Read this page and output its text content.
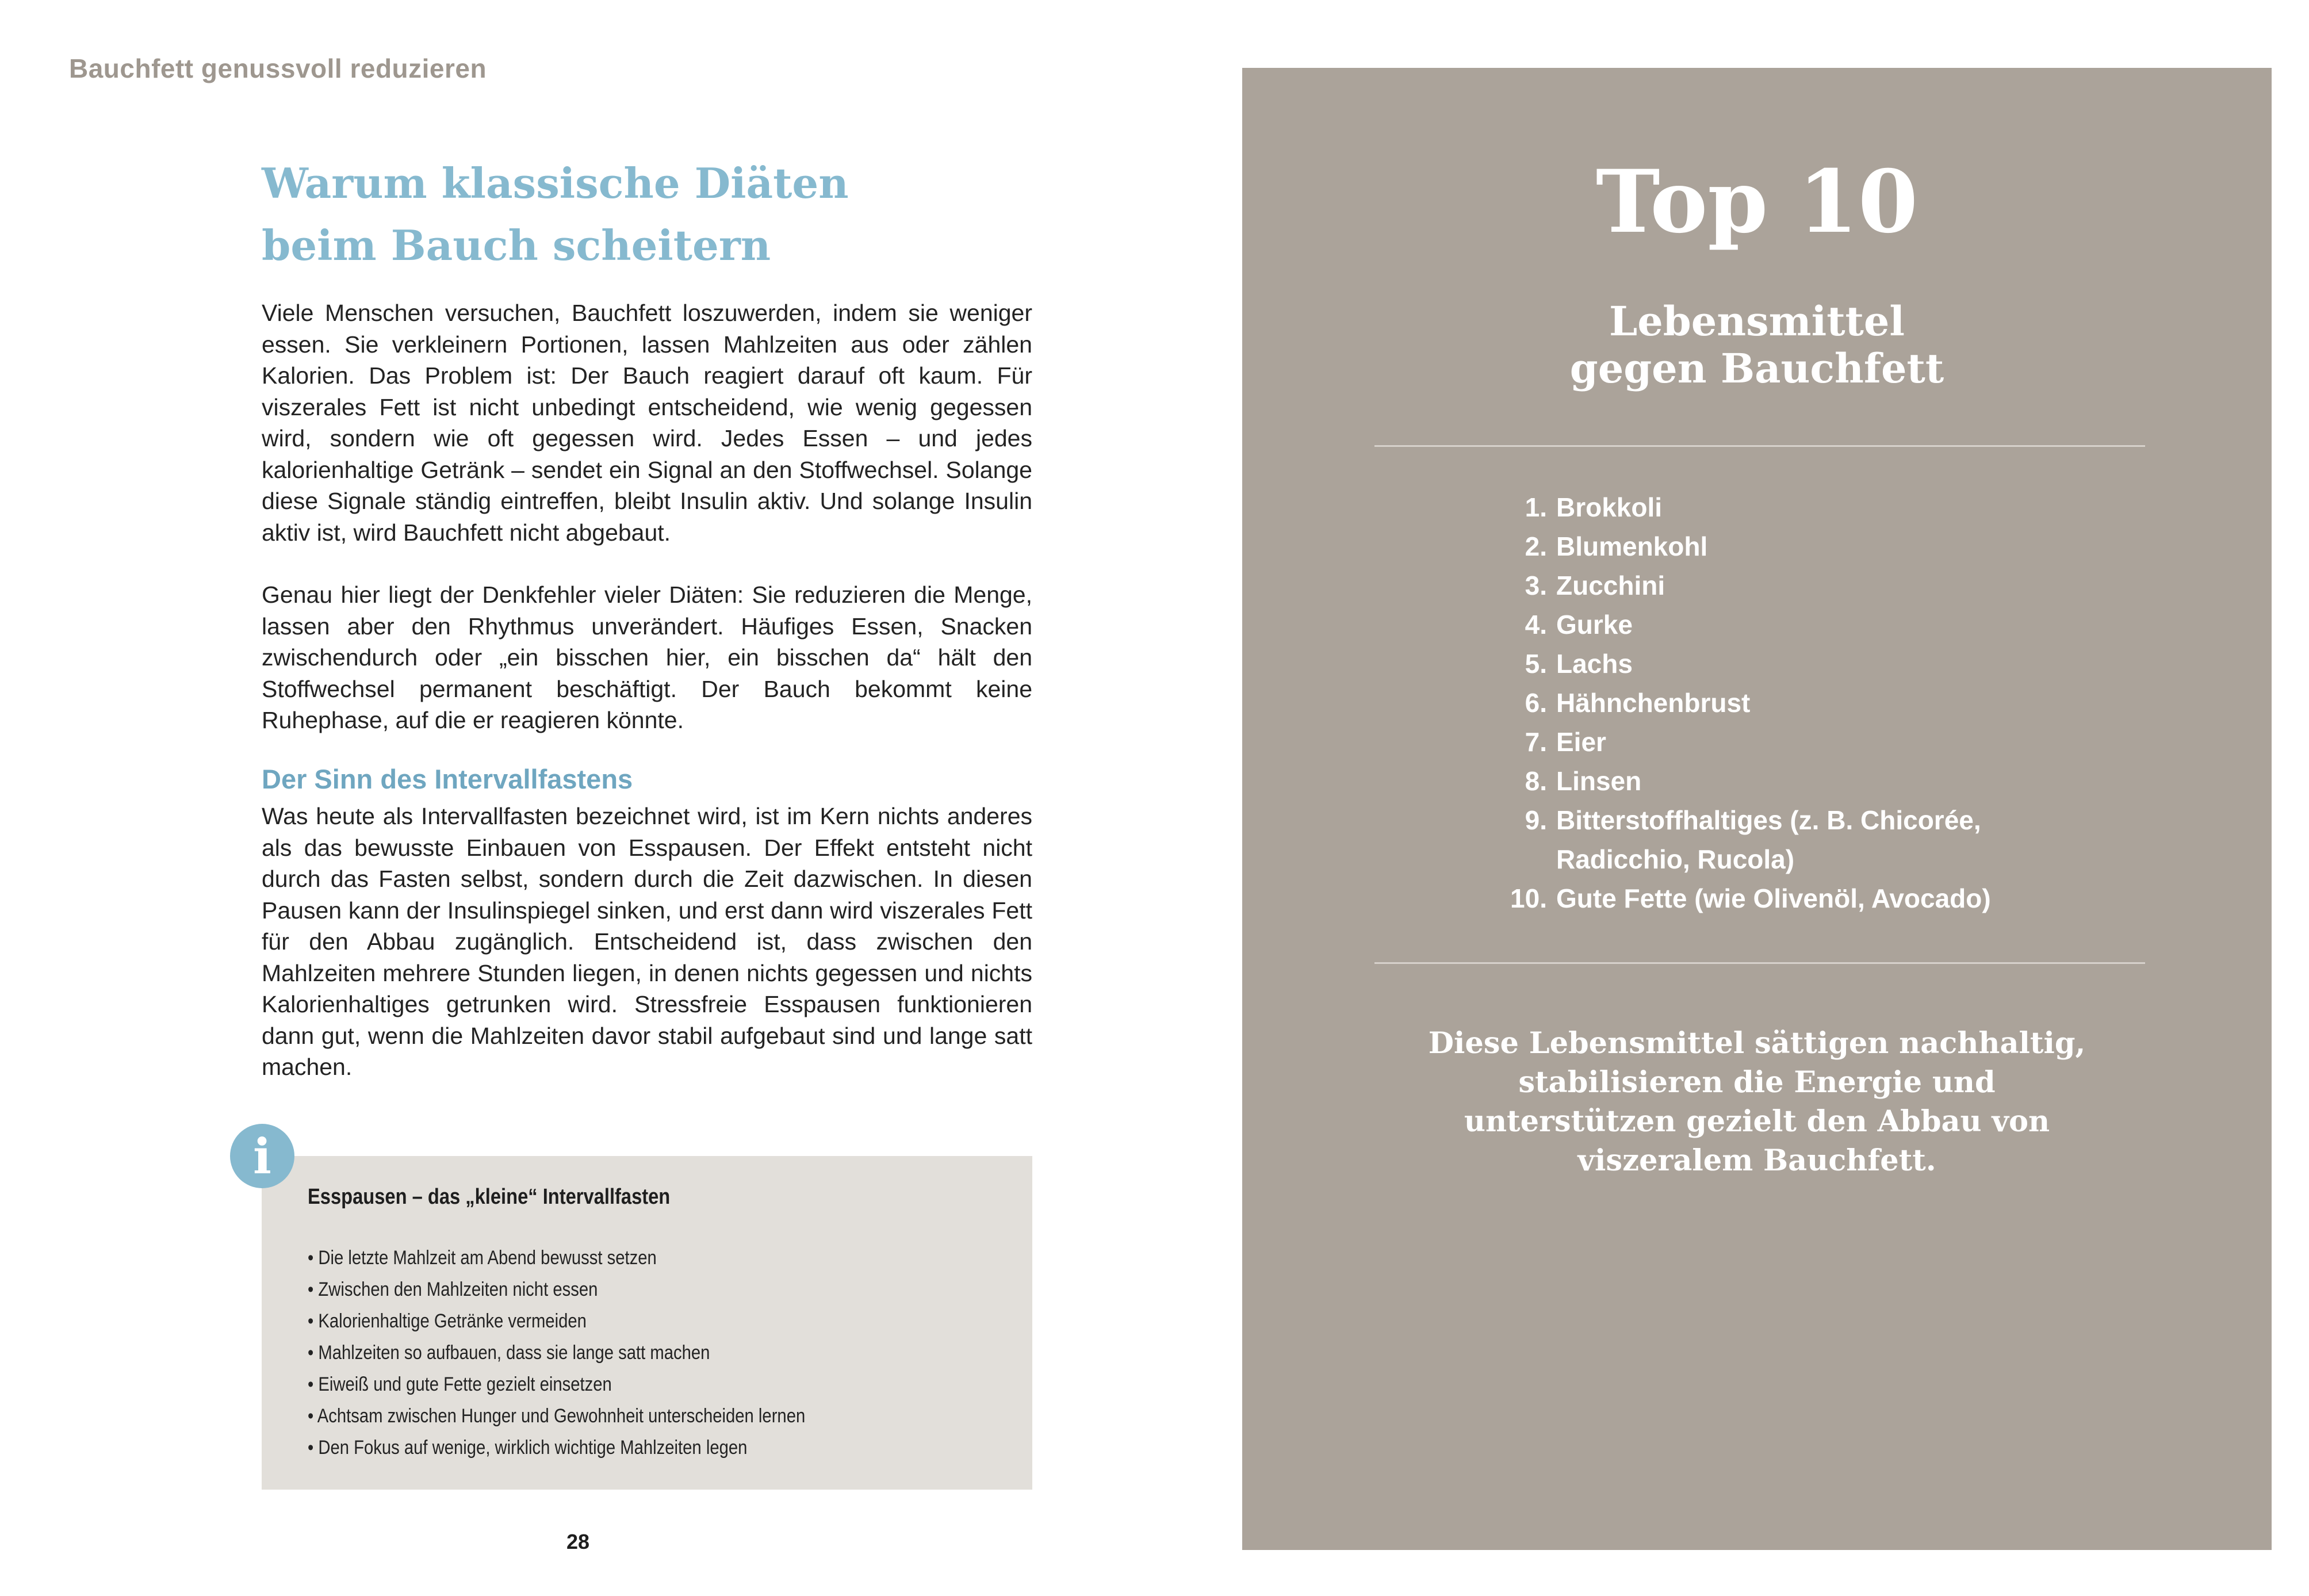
Bauchfett genussvoll reduzieren
Warum klassische Diäten
beim Bauch scheitern

Viele Menschen versuchen, Bauchfett loszuwerden, indem sie weniger essen. Sie verkleinern Portionen, lassen Mahlzeiten aus oder zählen Kalorien. Das Problem ist: Der Bauch reagiert darauf oft kaum. Für viszerales Fett ist nicht unbedingt entscheidend, wie wenig gegessen wird, sondern wie oft gegessen wird. Jedes Essen – und jedes kalorienhaltige Getränk – sendet ein Signal an den Stoffwechsel. Solange diese Signale ständig eintreffen, bleibt Insulin aktiv. Und solange Insulin aktiv ist, wird Bauchfett nicht abgebaut.

Genau hier liegt der Denkfehler vieler Diäten: Sie reduzieren die Menge, lassen aber den Rhythmus unverändert. Häufiges Essen, Snacken zwischendurch oder „ein bisschen hier, ein bisschen da“ hält den Stoffwechsel permanent beschäftigt. Der Bauch bekommt keine Ruhephase, auf die er reagieren könnte.

Der Sinn des Intervallfastens

Was heute als Intervallfasten bezeichnet wird, ist im Kern nichts anderes als das bewusste Einbauen von Esspausen. Der Effekt entsteht nicht durch das Fasten selbst, sondern durch die Zeit dazwischen. In diesen Pausen kann der Insulinspiegel sinken, und erst dann wird viszerales Fett für den Abbau zugänglich. Entscheidend ist, dass zwischen den Mahlzeiten mehrere Stunden liegen, in denen nichts gegessen und nichts Kalorienhaltiges getrunken wird. Stressfreie Esspausen funktionieren dann gut, wenn die Mahlzeiten davor stabil aufgebaut sind und lange satt machen.

i
Esspausen – das „kleine“ Intervallfasten
• Die letzte Mahlzeit am Abend bewusst setzen
• Zwischen den Mahlzeiten nicht essen
• Kalorienhaltige Getränke vermeiden
• Mahlzeiten so aufbauen, dass sie lange satt machen
• Eiweiß und gute Fette gezielt einsetzen
• Achtsam zwischen Hunger und Gewohnheit unterscheiden lernen
• Den Fokus auf wenige, wirklich wichtige Mahlzeiten legen
28
Top 10
Lebensmittel
gegen Bauchfett
1. Brokkoli
2. Blumenkohl
3. Zucchini
4. Gurke
5. Lachs
6. Hähnchenbrust
7. Eier
8. Linsen
9. Bitterstoffhaltiges (z. B. Chicorée, Radicchio, Rucola)
10. Gute Fette (wie Olivenöl, Avocado)

Diese Lebensmittel sättigen nachhaltig,
stabilisieren die Energie und
unterstützen gezielt den Abbau von
viszeralem Bauchfett.
